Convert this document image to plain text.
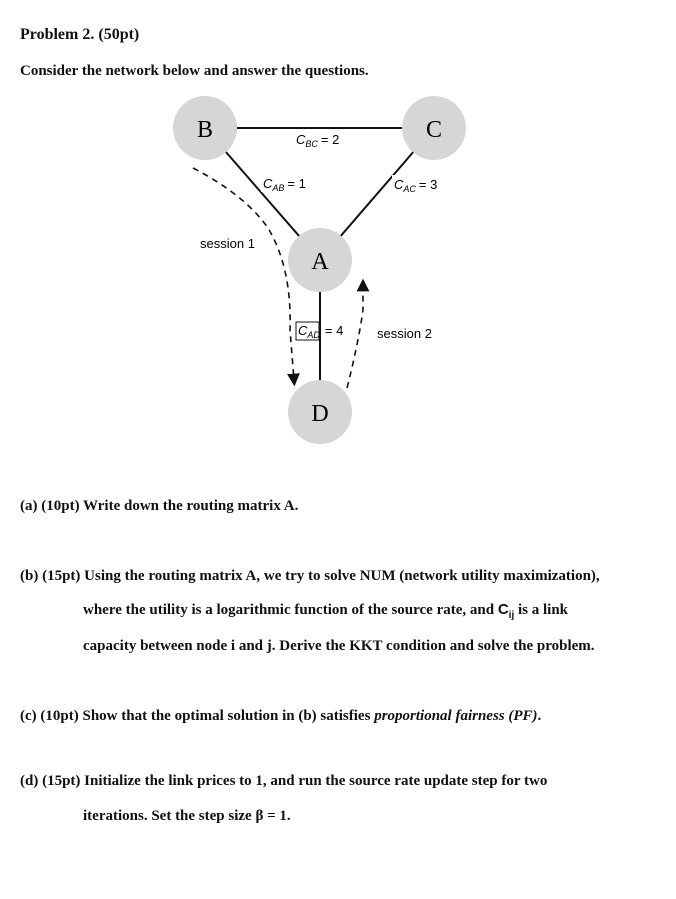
Problem 2. (50pt)
Consider the network below and answer the questions.
B	C
A
D
$C_{BC} = 2$
$C_{AB} = 1$	$C_{AC} = 3$
$C_{AD} = 4$
session 1
session 2
(a) (10pt) Write down the routing matrix A.
(b) (15pt) Using the routing matrix A, we try to solve NUM (network utility maximization),
where the utility is a logarithmic function of the source rate, and $C_{ij}$ is a link
capacity between node i and j. Derive the KKT condition and solve the problem.
(c) (10pt) Show that the optimal solution in (b) satisfies proportional fairness (PF).
(d) (15pt) Initialize the link prices to 1, and run the source rate update step for two
iterations. Set the step size β = 1.
